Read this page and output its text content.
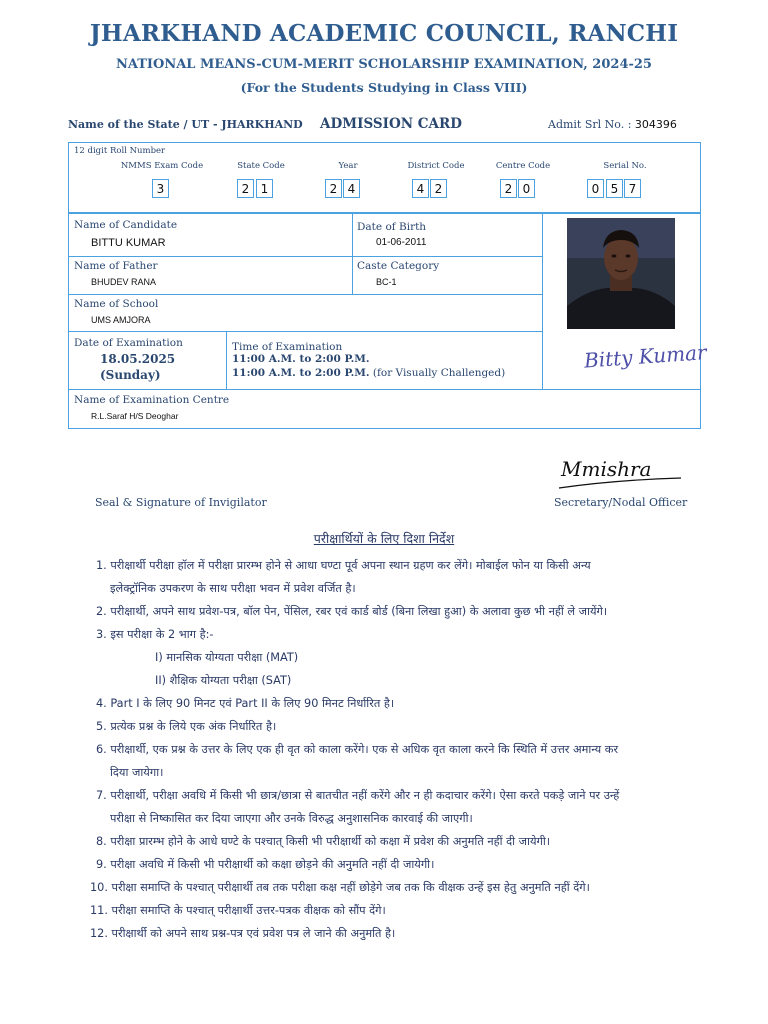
JHARKHAND ACADEMIC COUNCIL, RANCHI
NATIONAL MEANS-CUM-MERIT SCHOLARSHIP EXAMINATION, 2024-25
(For the Students Studying in Class VIII)
Name of the State / UT - JHARKHAND ADMISSION CARD	Admit Srl No. : 304396
12 digit Roll Number
NMMS Exam Code	State Code	Year	District Code	Centre Code	Serial No.
3	2 1	2 4	4 2	2 0	0 5 7
Name of Candidate
BITTU KUMAR
Date of Birth
01-06-2011
Name of Father
BHUDEV RANA
Caste Category
BC-1
Name of School
UMS AMJORA
Date of Examination
18.05.2025
(Sunday)
Time of Examination
11:00 A.M. to 2:00 P.M.
11:00 A.M. to 2:00 P.M. (for Visually Challenged)
Name of Examination Centre
R.L.Saraf H/S Deoghar
Bitty Kumar
Mmishra
Seal & Signature of Invigilator	Secretary/Nodal Officer
परीक्षार्थियों के लिए दिशा निर्देश
1. परीक्षार्थी परीक्षा हॉल में परीक्षा प्रारम्भ होने से आधा घण्टा पूर्व अपना स्थान ग्रहण कर लेंगे। मोबाईल फोन या किसी अन्य
इलेक्ट्रॉनिक उपकरण के साथ परीक्षा भवन में प्रवेश वर्जित है।
2. परीक्षार्थी, अपने साथ प्रवेश-पत्र, बॉल पेन, पेंसिल, रबर एवं कार्ड बोर्ड (बिना लिखा हुआ) के अलावा कुछ भी नहीं ले जायेंगे।
3. इस परीक्षा के 2 भाग है:-
I) मानसिक योग्यता परीक्षा (MAT)
II) शैक्षिक योग्यता परीक्षा (SAT)
4. Part I के लिए 90 मिनट एवं Part II के लिए 90 मिनट निर्धारित है।
5. प्रत्येक प्रश्न के लिये एक अंक निर्धारित है।
6. परीक्षार्थी, एक प्रश्न के उत्तर के लिए एक ही वृत को काला करेंगे। एक से अधिक वृत काला करने कि स्थिति में उत्तर अमान्य कर
दिया जायेगा।
7. परीक्षार्थी, परीक्षा अवधि में किसी भी छात्र/छात्रा से बातचीत नहीं करेंगे और न ही कदाचार करेंगे। ऐसा करते पकड़े जाने पर उन्हें
परीक्षा से निष्कासित कर दिया जाएगा और उनके विरुद्ध अनुशासनिक कारवाई की जाएगी।
8. परीक्षा प्रारम्भ होने के आधे घण्टे के पश्चात् किसी भी परीक्षार्थी को कक्षा में प्रवेश की अनुमति नहीं दी जायेगी।
9. परीक्षा अवधि में किसी भी परीक्षार्थी को कक्षा छोड़ने की अनुमति नहीं दी जायेगी।
10. परीक्षा समाप्ति के पश्चात् परीक्षार्थी तब तक परीक्षा कक्ष नहीं छोड़ेगे जब तक कि वीक्षक उन्हें इस हेतु अनुमति नहीं देंगे।
11. परीक्षा समाप्ति के पश्चात् परीक्षार्थी उत्तर-पत्रक वीक्षक को सौंप देंगे।
12. परीक्षार्थी को अपने साथ प्रश्न-पत्र एवं प्रवेश पत्र ले जाने की अनुमति है।
